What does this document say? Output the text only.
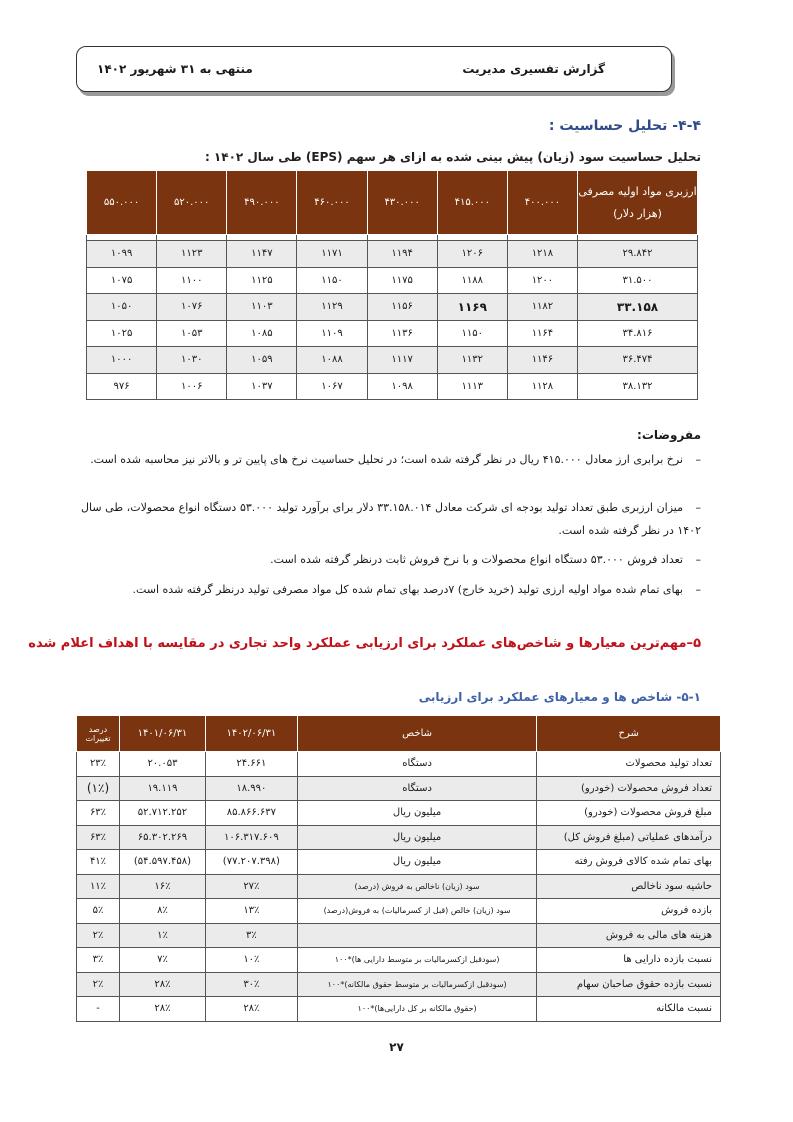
گزارش تفسیری مدیریت
منتهی به ۳۱ شهریور ۱۴۰۲
۴-۴- تحلیل حساسیت :
تحلیل حساسیت سود (زیان) پیش بینی شده به ازای هر سهم (EPS) طی سال ۱۴۰۲ :
ارزبری مواد اولیه مصرفی (هزار دلار)	۴۰۰.۰۰۰	۴۱۵.۰۰۰	۴۳۰.۰۰۰	۴۶۰.۰۰۰	۴۹۰.۰۰۰	۵۲۰.۰۰۰	۵۵۰.۰۰۰

۲۹.۸۴۲	۱۲۱۸	۱۲۰۶	۱۱۹۴	۱۱۷۱	۱۱۴۷	۱۱۲۳	۱۰۹۹
۳۱.۵۰۰	۱۲۰۰	۱۱۸۸	۱۱۷۵	۱۱۵۰	۱۱۲۵	۱۱۰۰	۱۰۷۵
۳۳.۱۵۸	۱۱۸۲	۱۱۶۹	۱۱۵۶	۱۱۲۹	۱۱۰۳	۱۰۷۶	۱۰۵۰
۳۴.۸۱۶	۱۱۶۴	۱۱۵۰	۱۱۳۶	۱۱۰۹	۱۰۸۵	۱۰۵۳	۱۰۲۵
۳۶.۴۷۴	۱۱۴۶	۱۱۳۲	۱۱۱۷	۱۰۸۸	۱۰۵۹	۱۰۳۰	۱۰۰۰
۳۸.۱۳۲	۱۱۲۸	۱۱۱۳	۱۰۹۸	۱۰۶۷	۱۰۳۷	۱۰۰۶	۹۷۶
مفروضات:
–نرخ برابری ارز معادل ۴۱۵.۰۰۰ ریال در نظر گرفته شده است؛ در تحلیل حساسیت نرخ های پایین تر و بالاتر نیز محاسبه شده است.
–میزان ارزبری طبق تعداد تولید بودجه ای شرکت معادل ۳۳.۱۵۸.۰۱۴ دلار برای برآورد تولید ۵۳.۰۰۰ دستگاه انواع محصولات، طی سال ۱۴۰۲ در نظر گرفته شده است.
–تعداد فروش ۵۳.۰۰۰ دستگاه انواع محصولات و با نرخ فروش ثابت درنظر گرفته شده است.
–بهای تمام شده مواد اولیه ارزی تولید (خرید خارج) ۷درصد بهای تمام شده کل مواد مصرفی تولید درنظر گرفته شده است.
۵–مهم‌ترین معیارها و شاخص‌های عملکرد برای ارزیابی عملکرد واحد تجاری در مقایسه با اهداف اعلام شده
۵-۱- شاخص ها و معیارهای عملکرد برای ارزیابی
شرح	شاخص	۱۴۰۲/۰۶/۳۱	۱۴۰۱/۰۶/۳۱	درصد تغییرات
تعداد تولید محصولات	دستگاه	۲۴.۶۶۱	۲۰.۰۵۳	۲۳٪
تعداد فروش محصولات (خودرو)	دستگاه	۱۸.۹۹۰	۱۹.۱۱۹	(۱٪)
مبلغ فروش محصولات (خودرو)	میلیون ریال	۸۵.۸۶۶.۶۳۷	۵۲.۷۱۲.۲۵۲	۶۳٪
درآمدهای عملیاتی (مبلغ فروش کل)	میلیون ریال	۱۰۶.۳۱۷.۶۰۹	۶۵.۳۰۲.۲۶۹	۶۳٪
بهای تمام شده کالای فروش رفته	میلیون ریال	(۷۷.۲۰۷.۳۹۸)	(۵۴.۵۹۷.۴۵۸)	۴۱٪
حاشیه سود ناخالص	سود (زیان) ناخالص به فروش (درصد)	۲۷٪	۱۶٪	۱۱٪
بازده فروش	سود (زیان) خالص (قبل از کسرمالیات) به فروش(درصد)	۱۳٪	۸٪	۵٪
هزینه های مالی به فروش		۳٪	۱٪	۲٪
نسبت بازده دارایی ها	(سودقبل ازکسرمالیات بر متوسط دارایی ها)*۱۰۰	۱۰٪	۷٪	۳٪
نسبت بازده حقوق صاحبان سهام	(سودقبل ازکسرمالیات بر متوسط حقوق مالکانه)*۱۰۰	۳۰٪	۲۸٪	۲٪
نسبت مالکانه	(حقوق مالکانه بر کل دارایی‌ها)*۱۰۰	۲۸٪	۲۸٪	-
۲۷
